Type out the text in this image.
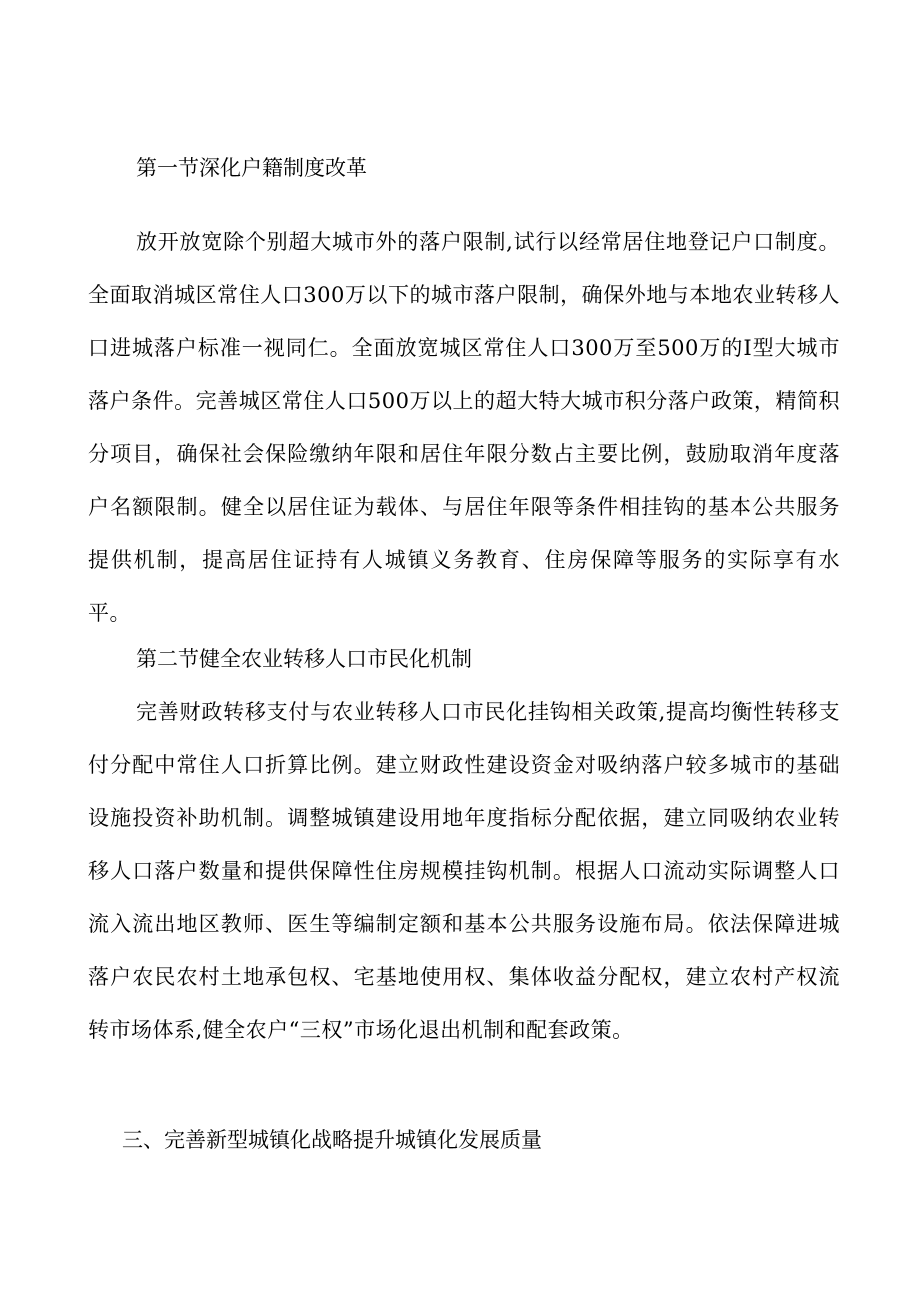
第一节深化户籍制度改革

放开放宽除个别超大城市外的落户限制,试行以经常居住地登记户口制度。全面取消城区常住人口300万以下的城市落户限制，确保外地与本地农业转移人口进城落户标准一视同仁。全面放宽城区常住人口300万至500万的I型大城市落户条件。完善城区常住人口500万以上的超大特大城市积分落户政策，精简积分项目，确保社会保险缴纳年限和居住年限分数占主要比例，鼓励取消年度落户名额限制。健全以居住证为载体、与居住年限等条件相挂钩的基本公共服务提供机制，提高居住证持有人城镇义务教育、住房保障等服务的实际享有水平。

第二节健全农业转移人口市民化机制

完善财政转移支付与农业转移人口市民化挂钩相关政策,提高均衡性转移支付分配中常住人口折算比例。建立财政性建设资金对吸纳落户较多城市的基础设施投资补助机制。调整城镇建设用地年度指标分配依据，建立同吸纳农业转移人口落户数量和提供保障性住房规模挂钩机制。根据人口流动实际调整人口流入流出地区教师、医生等编制定额和基本公共服务设施布局。依法保障进城落户农民农村土地承包权、宅基地使用权、集体收益分配权，建立农村产权流转市场体系,健全农户“三权”市场化退出机制和配套政策。

三、完善新型城镇化战略提升城镇化发展质量
